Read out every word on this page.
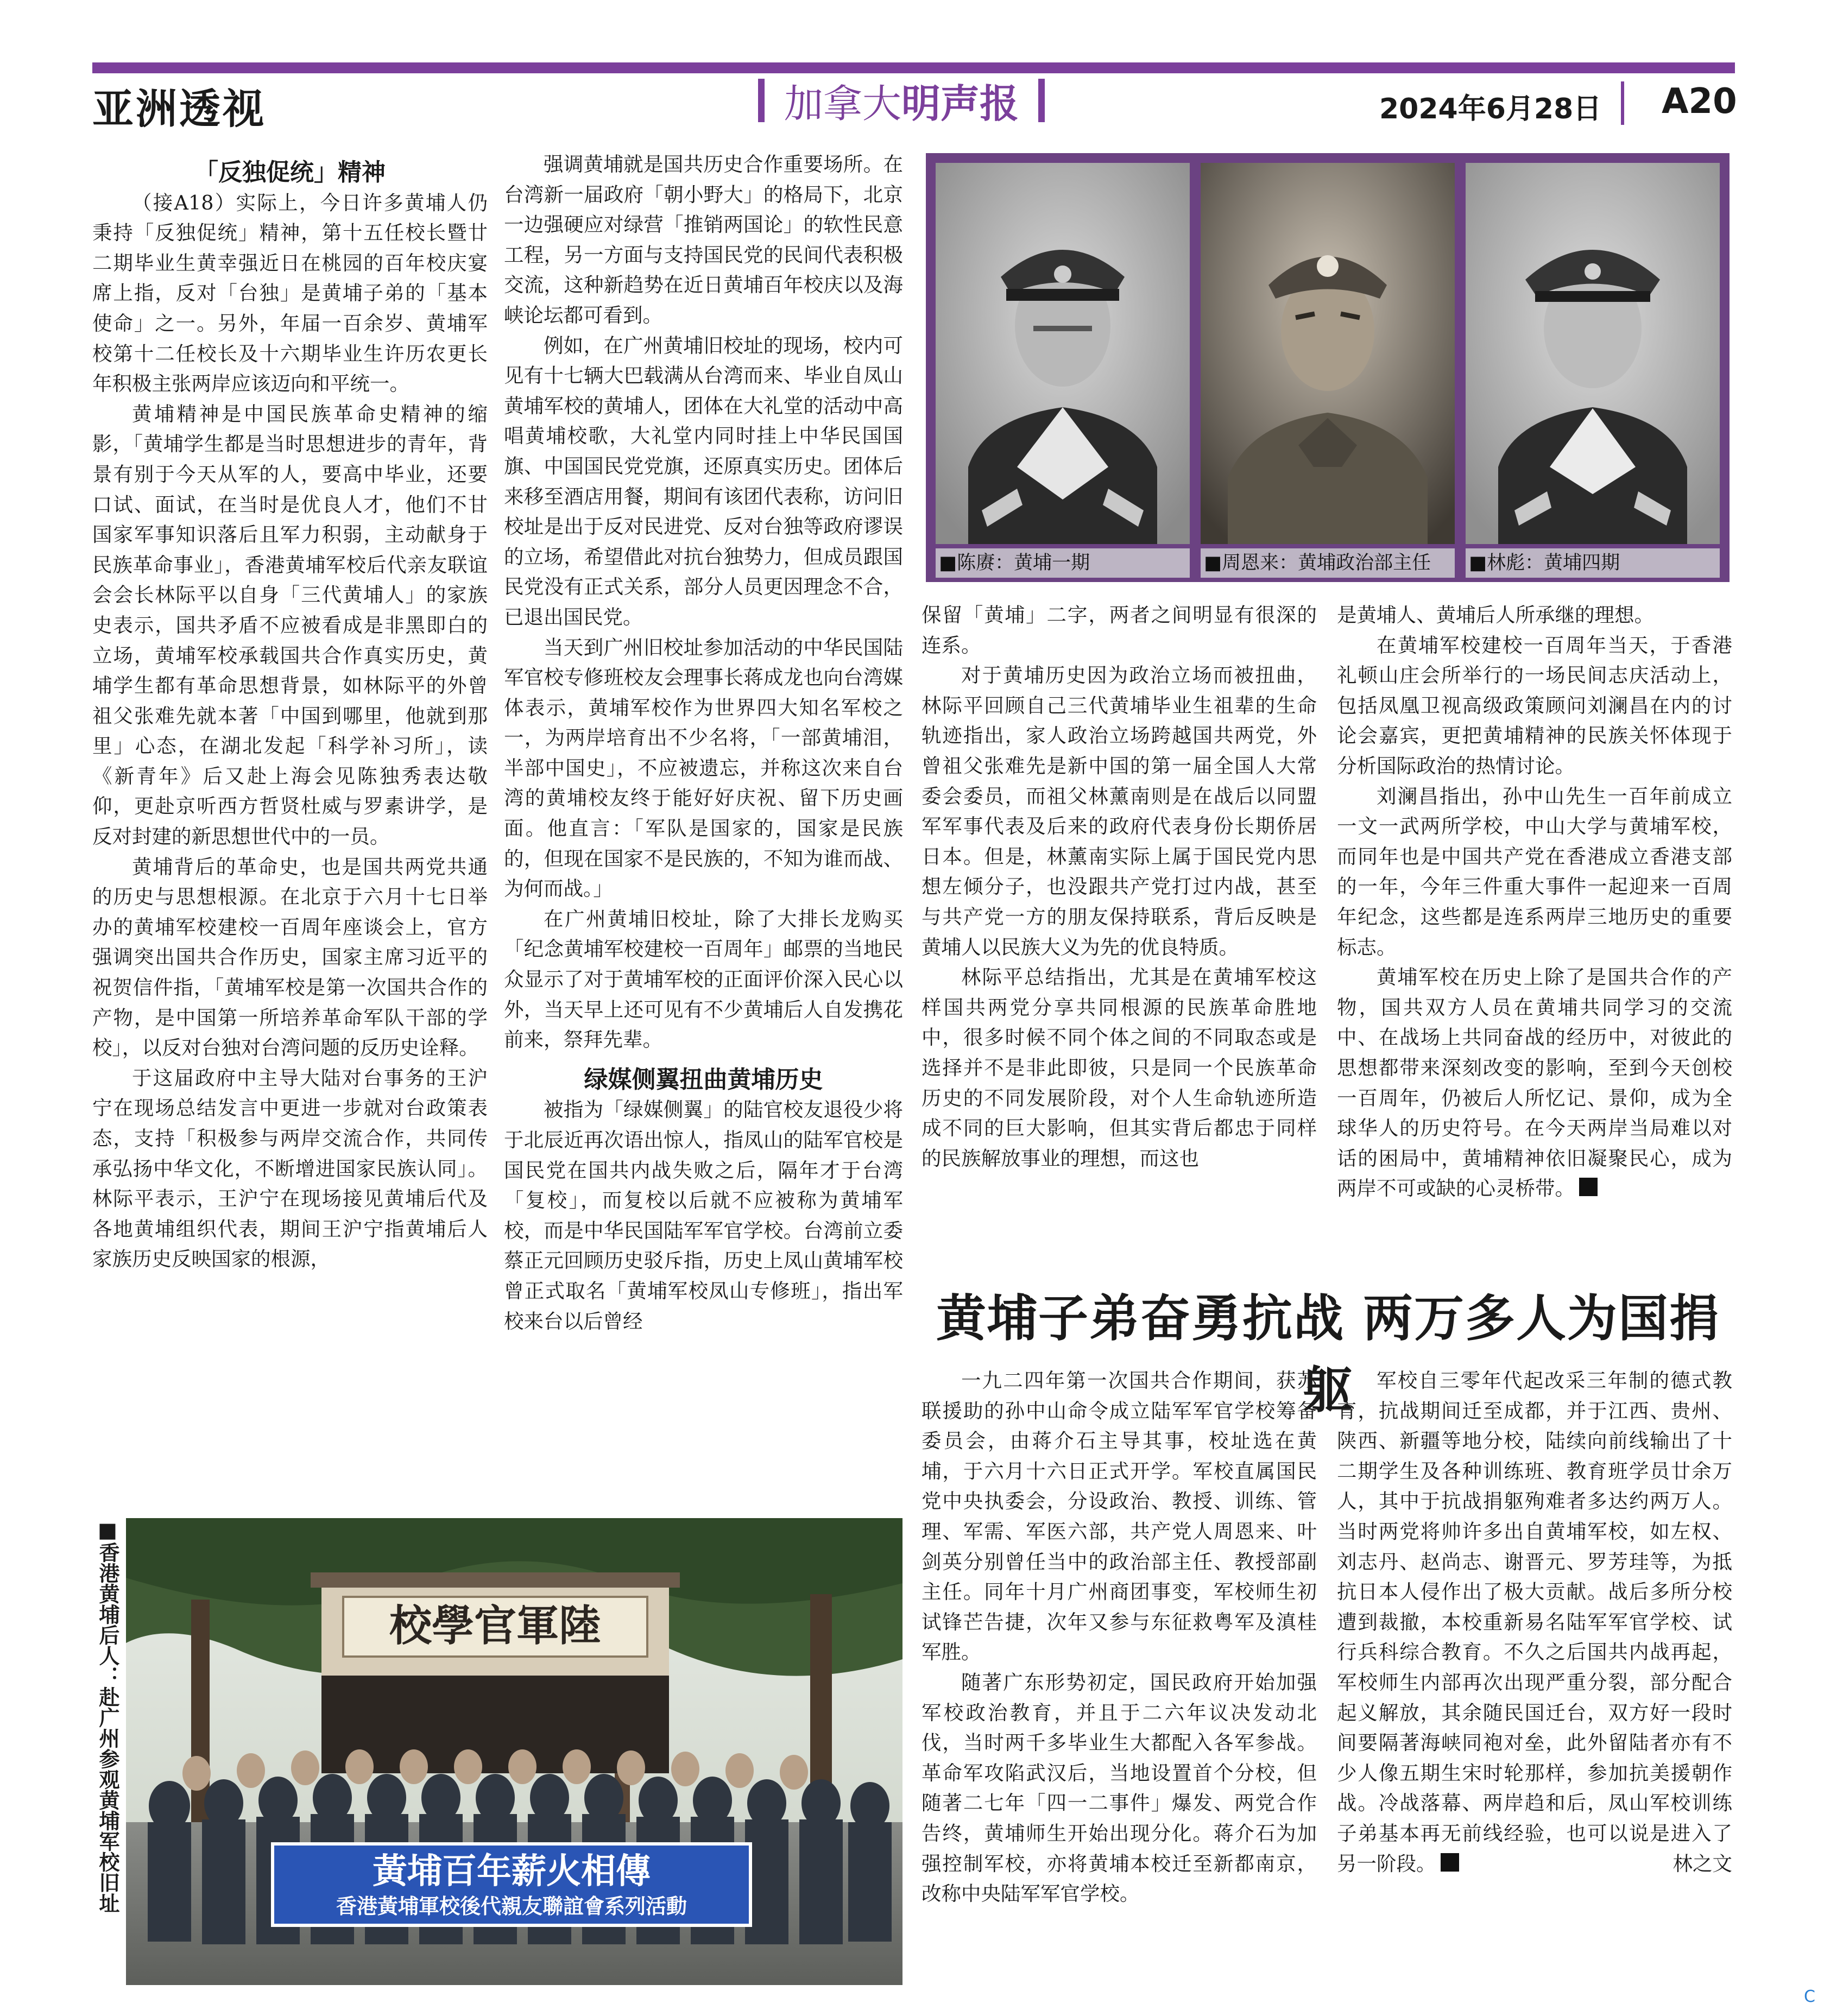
亚洲透视	加拿大 明声报	2024年6月28日 A20

「反独促统」精神

（接A18）实际上，今日许多黄埔人仍秉持「反独促统」精神，第十五任校长暨廿二期毕业生黄幸强近日在桃园的百年校庆宴席上指，反对「台独」是黄埔子弟的「基本使命」之一。另外，年届一百余岁、黄埔军校第十二任校长及十六期毕业生许历农更长年积极主张两岸应该迈向和平统一。

黄埔精神是中国民族革命史精神的缩影，「黄埔学生都是当时思想进步的青年，背景有别于今天从军的人，要高中毕业，还要口试、面试，在当时是优良人才，他们不甘国家军事知识落后且军力积弱，主动献身于民族革命事业」，香港黄埔军校后代亲友联谊会会长林际平以自身「三代黄埔人」的家族史表示，国共矛盾不应被看成是非黑即白的立场，黄埔军校承载国共合作真实历史，黄埔学生都有革命思想背景，如林际平的外曾祖父张难先就本著「中国到哪里，他就到那里」心态，在湖北发起「科学补习所」，读《新青年》后又赴上海会见陈独秀表达敬仰，更赴京听西方哲贤杜威与罗素讲学，是反对封建的新思想世代中的一员。

黄埔背后的革命史，也是国共两党共通的历史与思想根源。在北京于六月十七日举办的黄埔军校建校一百周年座谈会上，官方强调突出国共合作历史，国家主席习近平的祝贺信件指，「黄埔军校是第一次国共合作的产物，是中国第一所培养革命军队干部的学校」，以反对台独对台湾问题的反历史诠释。

于这届政府中主导大陆对台事务的王沪宁在现场总结发言中更进一步就对台政策表态，支持「积极参与两岸交流合作，共同传承弘扬中华文化，不断增进国家民族认同」。林际平表示，王沪宁在现场接见黄埔后代及各地黄埔组织代表，期间王沪宁指黄埔后人家族历史反映国家的根源，

强调黄埔就是国共历史合作重要场所。在台湾新一届政府「朝小野大」的格局下，北京一边强硬应对绿营「推销两国论」的软性民意工程，另一方面与支持国民党的民间代表积极交流，这种新趋势在近日黄埔百年校庆以及海峡论坛都可看到。

例如，在广州黄埔旧校址的现场，校内可见有十七辆大巴载满从台湾而来、毕业自凤山黄埔军校的黄埔人，团体在大礼堂的活动中高唱黄埔校歌，大礼堂内同时挂上中华民国国旗、中国国民党党旗，还原真实历史。团体后来移至酒店用餐，期间有该团代表称，访问旧校址是出于反对民进党、反对台独等政府谬误的立场，希望借此对抗台独势力，但成员跟国民党没有正式关系，部分人员更因理念不合，已退出国民党。

当天到广州旧校址参加活动的中华民国陆军官校专修班校友会理事长蒋成龙也向台湾媒体表示，黄埔军校作为世界四大知名军校之一，为两岸培育出不少名将，「一部黄埔泪，半部中国史」，不应被遗忘，并称这次来自台湾的黄埔校友终于能好好庆祝、留下历史画面。他直言：「军队是国家的，国家是民族的，但现在国家不是民族的，不知为谁而战、为何而战。」

在广州黄埔旧校址，除了大排长龙购买「纪念黄埔军校建校一百周年」邮票的当地民众显示了对于黄埔军校的正面评价深入民心以外，当天早上还可见有不少黄埔后人自发携花前来，祭拜先辈。

绿媒侧翼扭曲黄埔历史

被指为「绿媒侧翼」的陆官校友退役少将于北辰近再次语出惊人，指凤山的陆军官校是国民党在国共内战失败之后，隔年才于台湾「复校」，而复校以后就不应被称为黄埔军校，而是中华民国陆军军官学校。台湾前立委蔡正元回顾历史驳斥指，历史上凤山黄埔军校曾正式取名「黄埔军校凤山专修班」，指出军校来台以后曾经

■陈赓：黄埔一期	■周恩来：黄埔政治部主任	■林彪：黄埔四期

保留「黄埔」二字，两者之间明显有很深的连系。

对于黄埔历史因为政治立场而被扭曲，林际平回顾自己三代黄埔毕业生祖辈的生命轨迹指出，家人政治立场跨越国共两党，外曾祖父张难先是新中国的第一届全国人大常委会委员，而祖父林薰南则是在战后以同盟军军事代表及后来的政府代表身份长期侨居日本。但是，林薰南实际上属于国民党内思想左倾分子，也没跟共产党打过内战，甚至与共产党一方的朋友保持联系，背后反映是黄埔人以民族大义为先的优良特质。

林际平总结指出，尤其是在黄埔军校这样国共两党分享共同根源的民族革命胜地中，很多时候不同个体之间的不同取态或是选择并不是非此即彼，只是同一个民族革命历史的不同发展阶段，对个人生命轨迹所造成不同的巨大影响，但其实背后都忠于同样的民族解放事业的理想，而这也

是黄埔人、黄埔后人所承继的理想。

在黄埔军校建校一百周年当天，于香港礼顿山庄会所举行的一场民间志庆活动上，包括凤凰卫视高级政策顾问刘澜昌在内的讨论会嘉宾，更把黄埔精神的民族关怀体现于分析国际政治的热情讨论。

刘澜昌指出，孙中山先生一百年前成立一文一武两所学校，中山大学与黄埔军校，而同年也是中国共产党在香港成立香港支部的一年，今年三件重大事件一起迎来一百周年纪念，这些都是连系两岸三地历史的重要标志。

黄埔军校在历史上除了是国共合作的产物，国共双方人员在黄埔共同学习的交流中、在战场上共同奋战的经历中，对彼此的思想都带来深刻改变的影响，至到今天创校一百周年，仍被后人所忆记、景仰，成为全球华人的历史符号。在今天两岸当局难以对话的困局中，黄埔精神依旧凝聚民心，成为两岸不可或缺的心灵桥带。

黄埔子弟奋勇抗战 两万多人为国捐躯

一九二四年第一次国共合作期间，获苏联援助的孙中山命令成立陆军军官学校筹备委员会，由蒋介石主导其事，校址选在黄埔，于六月十六日正式开学。军校直属国民党中央执委会，分设政治、教授、训练、管理、军需、军医六部，共产党人周恩来、叶剑英分别曾任当中的政治部主任、教授部副主任。同年十月广州商团事变，军校师生初试锋芒告捷，次年又参与东征救粤军及滇桂军胜。

随著广东形势初定，国民政府开始加强军校政治教育，并且于二六年议决发动北伐，当时两千多毕业生大都配入各军参战。革命军攻陷武汉后，当地设置首个分校，但随著二七年「四一二事件」爆发、两党合作告终，黄埔师生开始出现分化。蒋介石为加强控制军校，亦将黄埔本校迁至新都南京，改称中央陆军军官学校。

军校自三零年代起改采三年制的德式教育，抗战期间迁至成都，并于江西、贵州、陕西、新疆等地分校，陆续向前线输出了十二期学生及各种训练班、教育班学员廿余万人，其中于抗战捐躯殉难者多达约两万人。当时两党将帅许多出自黄埔军校，如左权、刘志丹、赵尚志、谢晋元、罗芳珪等，为抵抗日本人侵作出了极大贡献。战后多所分校遭到裁撤，本校重新易名陆军军官学校、试行兵科综合教育。不久之后国共内战再起，军校师生内部再次出现严重分裂，部分配合起义解放，其余随民国迁台，双方好一段时间要隔著海峡同袍对垒，此外留陆者亦有不少人像五期生宋时轮那样，参加抗美援朝作战。冷战落幕、两岸趋和后，凤山军校训练子弟基本再无前线经验，也可以说是进入了另一阶段。	林之文

■香港黄埔后人：赴广州参观黄埔军校旧址	校學官軍陸
黃埔百年薪火相傳
香港黃埔軍校後代親友聯誼會系列活動
C
